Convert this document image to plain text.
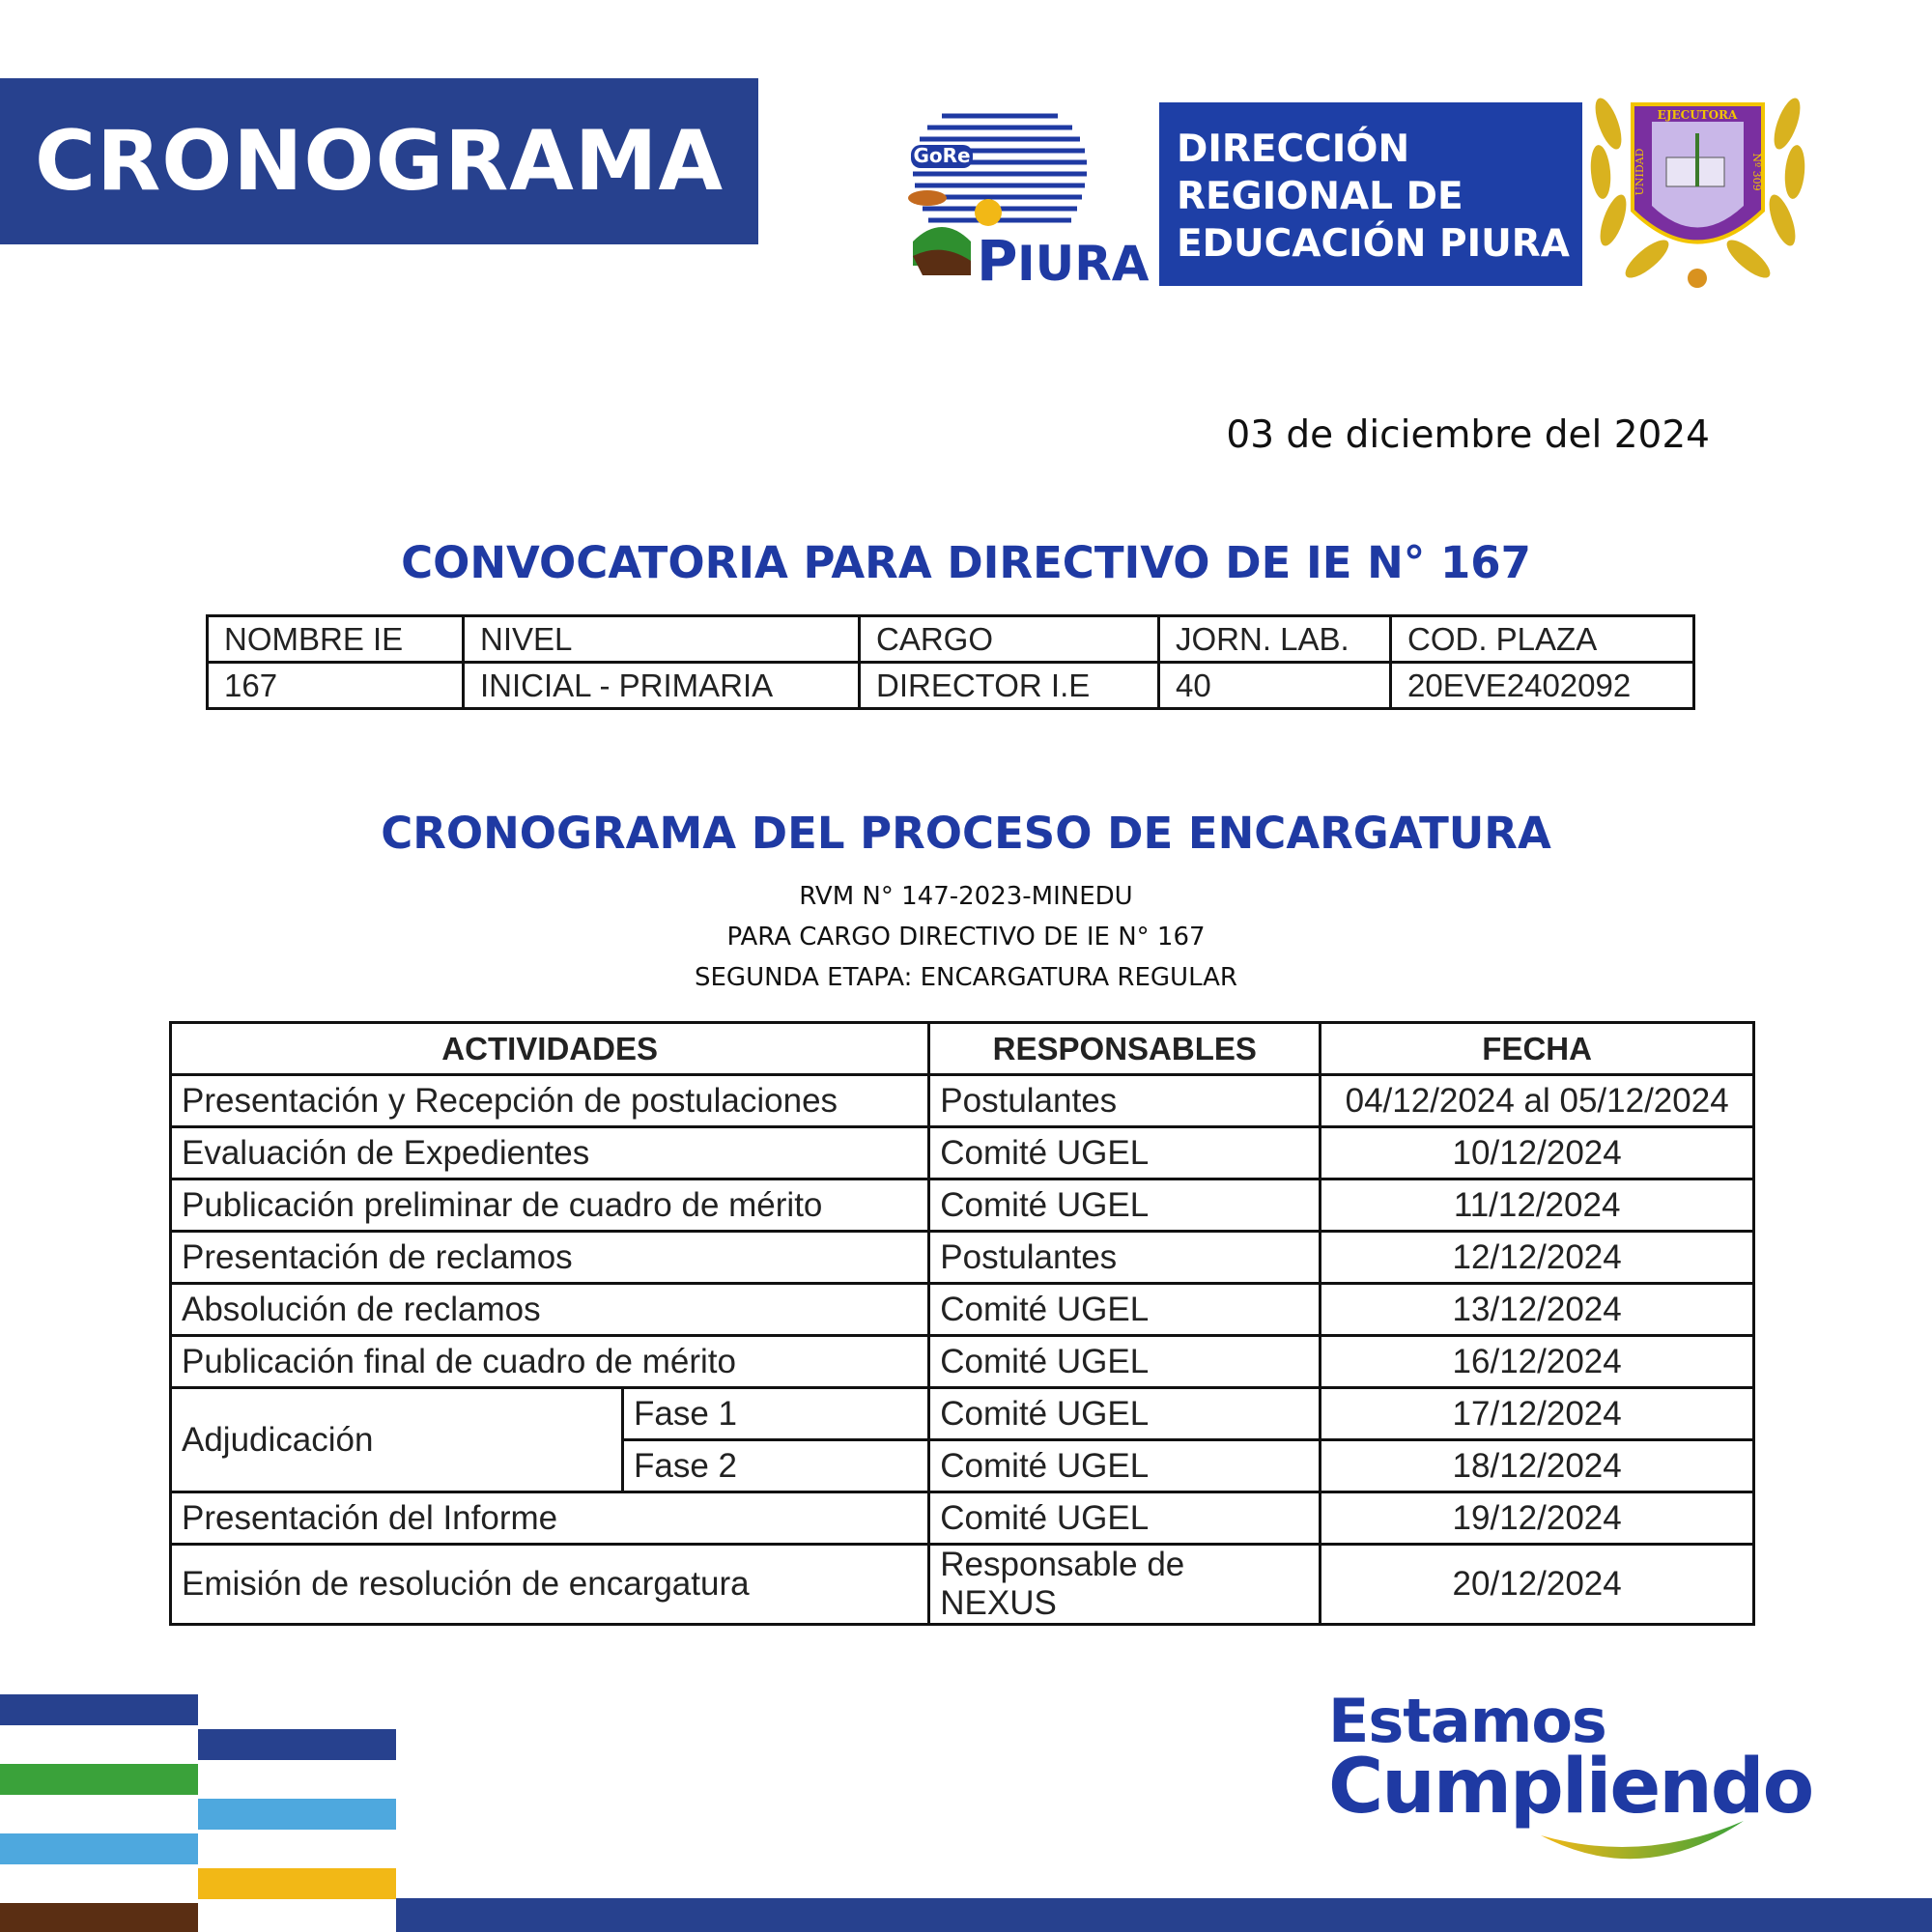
CRONOGRAMA	GoRe
P IURA
DIRECCIÓN
REGIONAL DE
EDUCACIÓN PIURA
EJECUTORA
UNIDAD	Nº 309
03 de diciembre del 2024
CONVOCATORIA PARA DIRECTIVO DE IE N° 167
NOMBRE IE	NIVEL	CARGO	JORN. LAB.	COD. PLAZA
167	INICIAL - PRIMARIA	DIRECTOR I.E	40	20EVE2402092
CRONOGRAMA DEL PROCESO DE ENCARGATURA
RVM N° 147-2023-MINEDU
PARA CARGO DIRECTIVO DE IE N° 167
SEGUNDA ETAPA: ENCARGATURA REGULAR
ACTIVIDADES		RESPONSABLES	FECHA
Presentación y Recepción de postulaciones		Postulantes	04/12/2024 al 05/12/2024
Evaluación de Expedientes		Comité UGEL	10/12/2024
Publicación preliminar de cuadro de mérito		Comité UGEL	11/12/2024
Presentación de reclamos		Postulantes	12/12/2024
Absolución de reclamos		Comité UGEL	13/12/2024
Publicación final de cuadro de mérito		Comité UGEL	16/12/2024
Adjudicación	Fase 1	Comité UGEL	17/12/2024
	Fase 2	Comité UGEL	18/12/2024
Presentación del Informe		Comité UGEL	19/12/2024
Emisión de resolución de encargatura		Responsable de NEXUS	20/12/2024
Estamos
Cumpliendo
